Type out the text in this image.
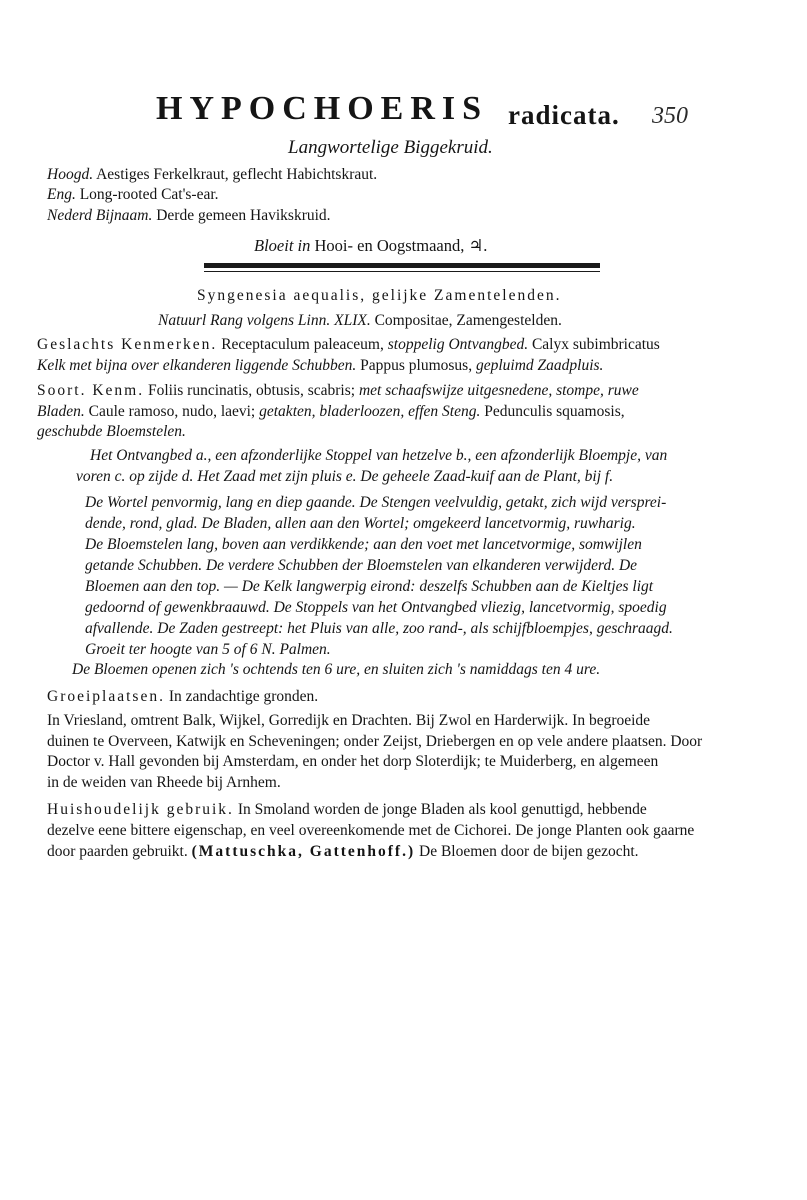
HYPOCHOERIS radicata. 350
Langwortelige Biggekruid.
Hoogd. Aestiges Ferkelkraut, geflecht Habichtskraut.
Eng. Long-rooted Cat's-ear.
Nederd Bijnaam. Derde gemeen Havikskruid.
Bloeit in Hooi- en Oogstmaand, ♃.
Syngenesia aequalis, gelijke Zamentelenden.
Natuurl Rang volgens Linn. XLIX. Compositae, Zamengestelden.

Geslachts Kenmerken. Receptaculum paleaceum, stoppelig Ontvangbed. Calyx subimbricatus

Kelk met bijna over elkanderen liggende Schubben. Pappus plumosus, gepluimd Zaadpluis.

Soort. Kenm. Foliis runcinatis, obtusis, scabris; met schaafswijze uitgesnedene, stompe, ruwe

Bladen. Caule ramoso, nudo, laevi; getakten, bladerloozen, effen Steng. Pedunculis squamosis,

geschubde Bloemstelen.

Het Ontvangbed a., een afzonderlijke Stoppel van hetzelve b., een afzonderlijk Bloempje, van

voren c. op zijde d. Het Zaad met zijn pluis e. De geheele Zaad-kuif aan de Plant, bij f.

De Wortel penvormig, lang en diep gaande. De Stengen veelvuldig, getakt, zich wijd versprei-

dende, rond, glad. De Bladen, allen aan den Wortel; omgekeerd lancetvormig, ruwharig.

De Bloemstelen lang, boven aan verdikkende; aan den voet met lancetvormige, somwijlen

getande Schubben. De verdere Schubben der Bloemstelen van elkanderen verwijderd. De

Bloemen aan den top. — De Kelk langwerpig eirond: deszelfs Schubben aan de Kieltjes ligt

gedoornd of gewenkbraauwd. De Stoppels van het Ontvangbed vliezig, lancetvormig, spoedig

afvallende. De Zaden gestreept: het Pluis van alle, zoo rand-, als schijfbloempjes, geschraagd.

Groeit ter hoogte van 5 of 6 N. Palmen.

De Bloemen openen zich 's ochtends ten 6 ure, en sluiten zich 's namiddags ten 4 ure.
Groeiplaatsen. In zandachtige gronden.

In Vriesland, omtrent Balk, Wijkel, Gorredijk en Drachten. Bij Zwol en Harderwijk. In begroeide

duinen te Overveen, Katwijk en Scheveningen; onder Zeijst, Driebergen en op vele andere plaatsen. Door

Doctor v. Hall gevonden bij Amsterdam, en onder het dorp Sloterdijk; te Muiderberg, en algemeen

in de weiden van Rheede bij Arnhem.

Huishoudelijk gebruik. In Smoland worden de jonge Bladen als kool genuttigd, hebbende

dezelve eene bittere eigenschap, en veel overeenkomende met de Cichorei. De jonge Planten ook gaarne

door paarden gebruikt. (Mattuschka, Gattenhoff.) De Bloemen door de bijen gezocht.
